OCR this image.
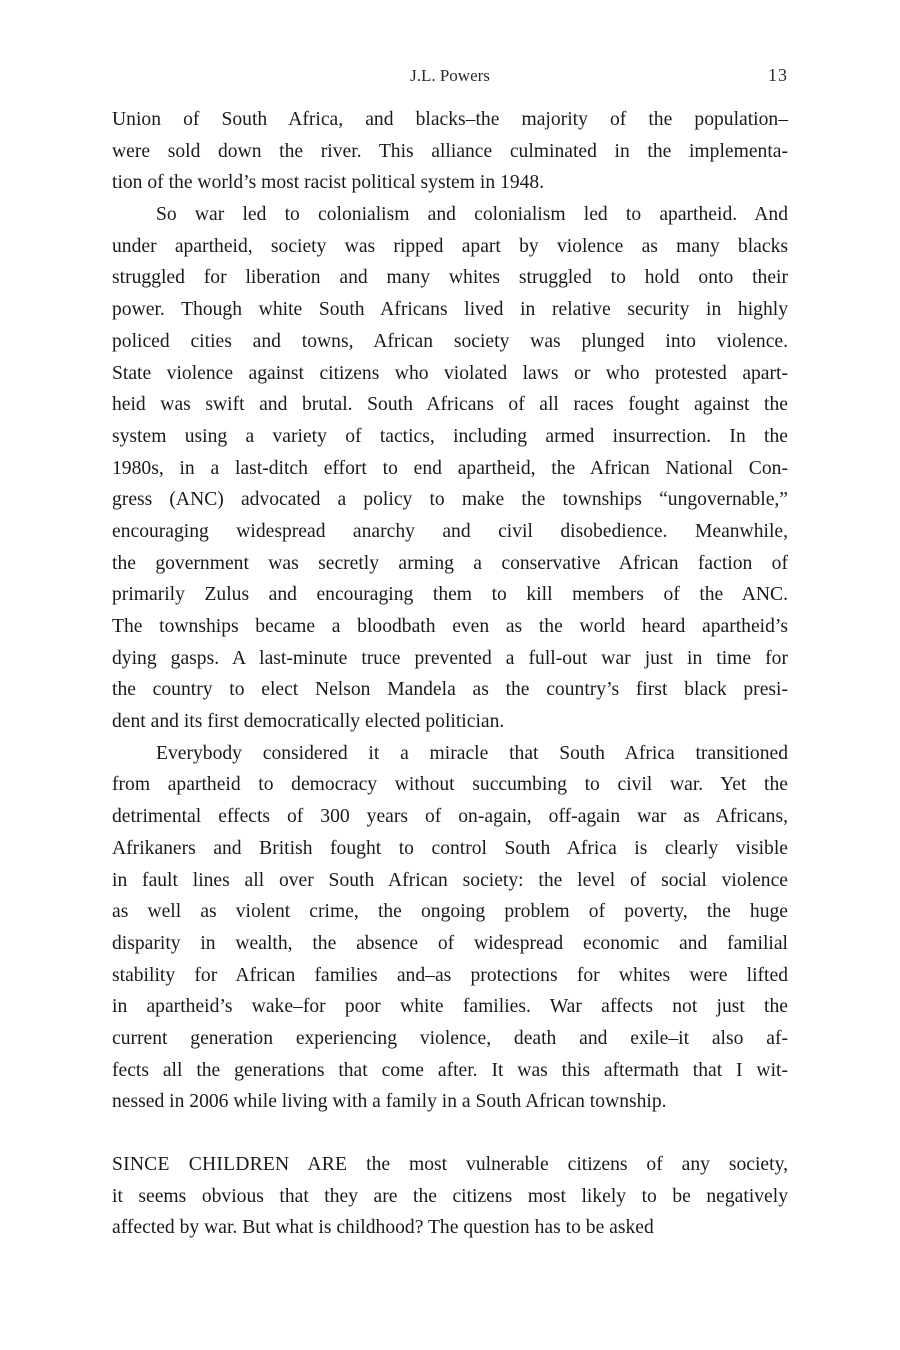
J.L. Powers	13
Union of South Africa, and blacks–the majority of the population–
were sold down the river. This alliance culminated in the implementa-
tion of the world’s most racist political system in 1948.
So war led to colonialism and colonialism led to apartheid. And
under apartheid, society was ripped apart by violence as many blacks
struggled for liberation and many whites struggled to hold onto their
power. Though white South Africans lived in relative security in highly
policed cities and towns, African society was plunged into violence.
State violence against citizens who violated laws or who protested apart-
heid was swift and brutal. South Africans of all races fought against the
system using a variety of tactics, including armed insurrection. In the
1980s, in a last-ditch effort to end apartheid, the African National Con-
gress (ANC) advocated a policy to make the townships “ungovernable,”
encouraging widespread anarchy and civil disobedience. Meanwhile,
the government was secretly arming a conservative African faction of
primarily Zulus and encouraging them to kill members of the ANC.
The townships became a bloodbath even as the world heard apartheid’s
dying gasps. A last-minute truce prevented a full-out war just in time for
the country to elect Nelson Mandela as the country’s first black presi-
dent and its first democratically elected politician.
Everybody considered it a miracle that South Africa transitioned
from apartheid to democracy without succumbing to civil war. Yet the
detrimental effects of 300 years of on-again, off-again war as Africans,
Afrikaners and British fought to control South Africa is clearly visible
in fault lines all over South African society: the level of social violence
as well as violent crime, the ongoing problem of poverty, the huge
disparity in wealth, the absence of widespread economic and familial
stability for African families and–as protections for whites were lifted
in apartheid’s wake–for poor white families. War affects not just the
current generation experiencing violence, death and exile–it also af-
fects all the generations that come after. It was this aftermath that I wit-
nessed in 2006 while living with a family in a South African township.
SINCE CHILDREN ARE the most vulnerable citizens of any society,
it seems obvious that they are the citizens most likely to be negatively
affected by war. But what is childhood? The question has to be asked
